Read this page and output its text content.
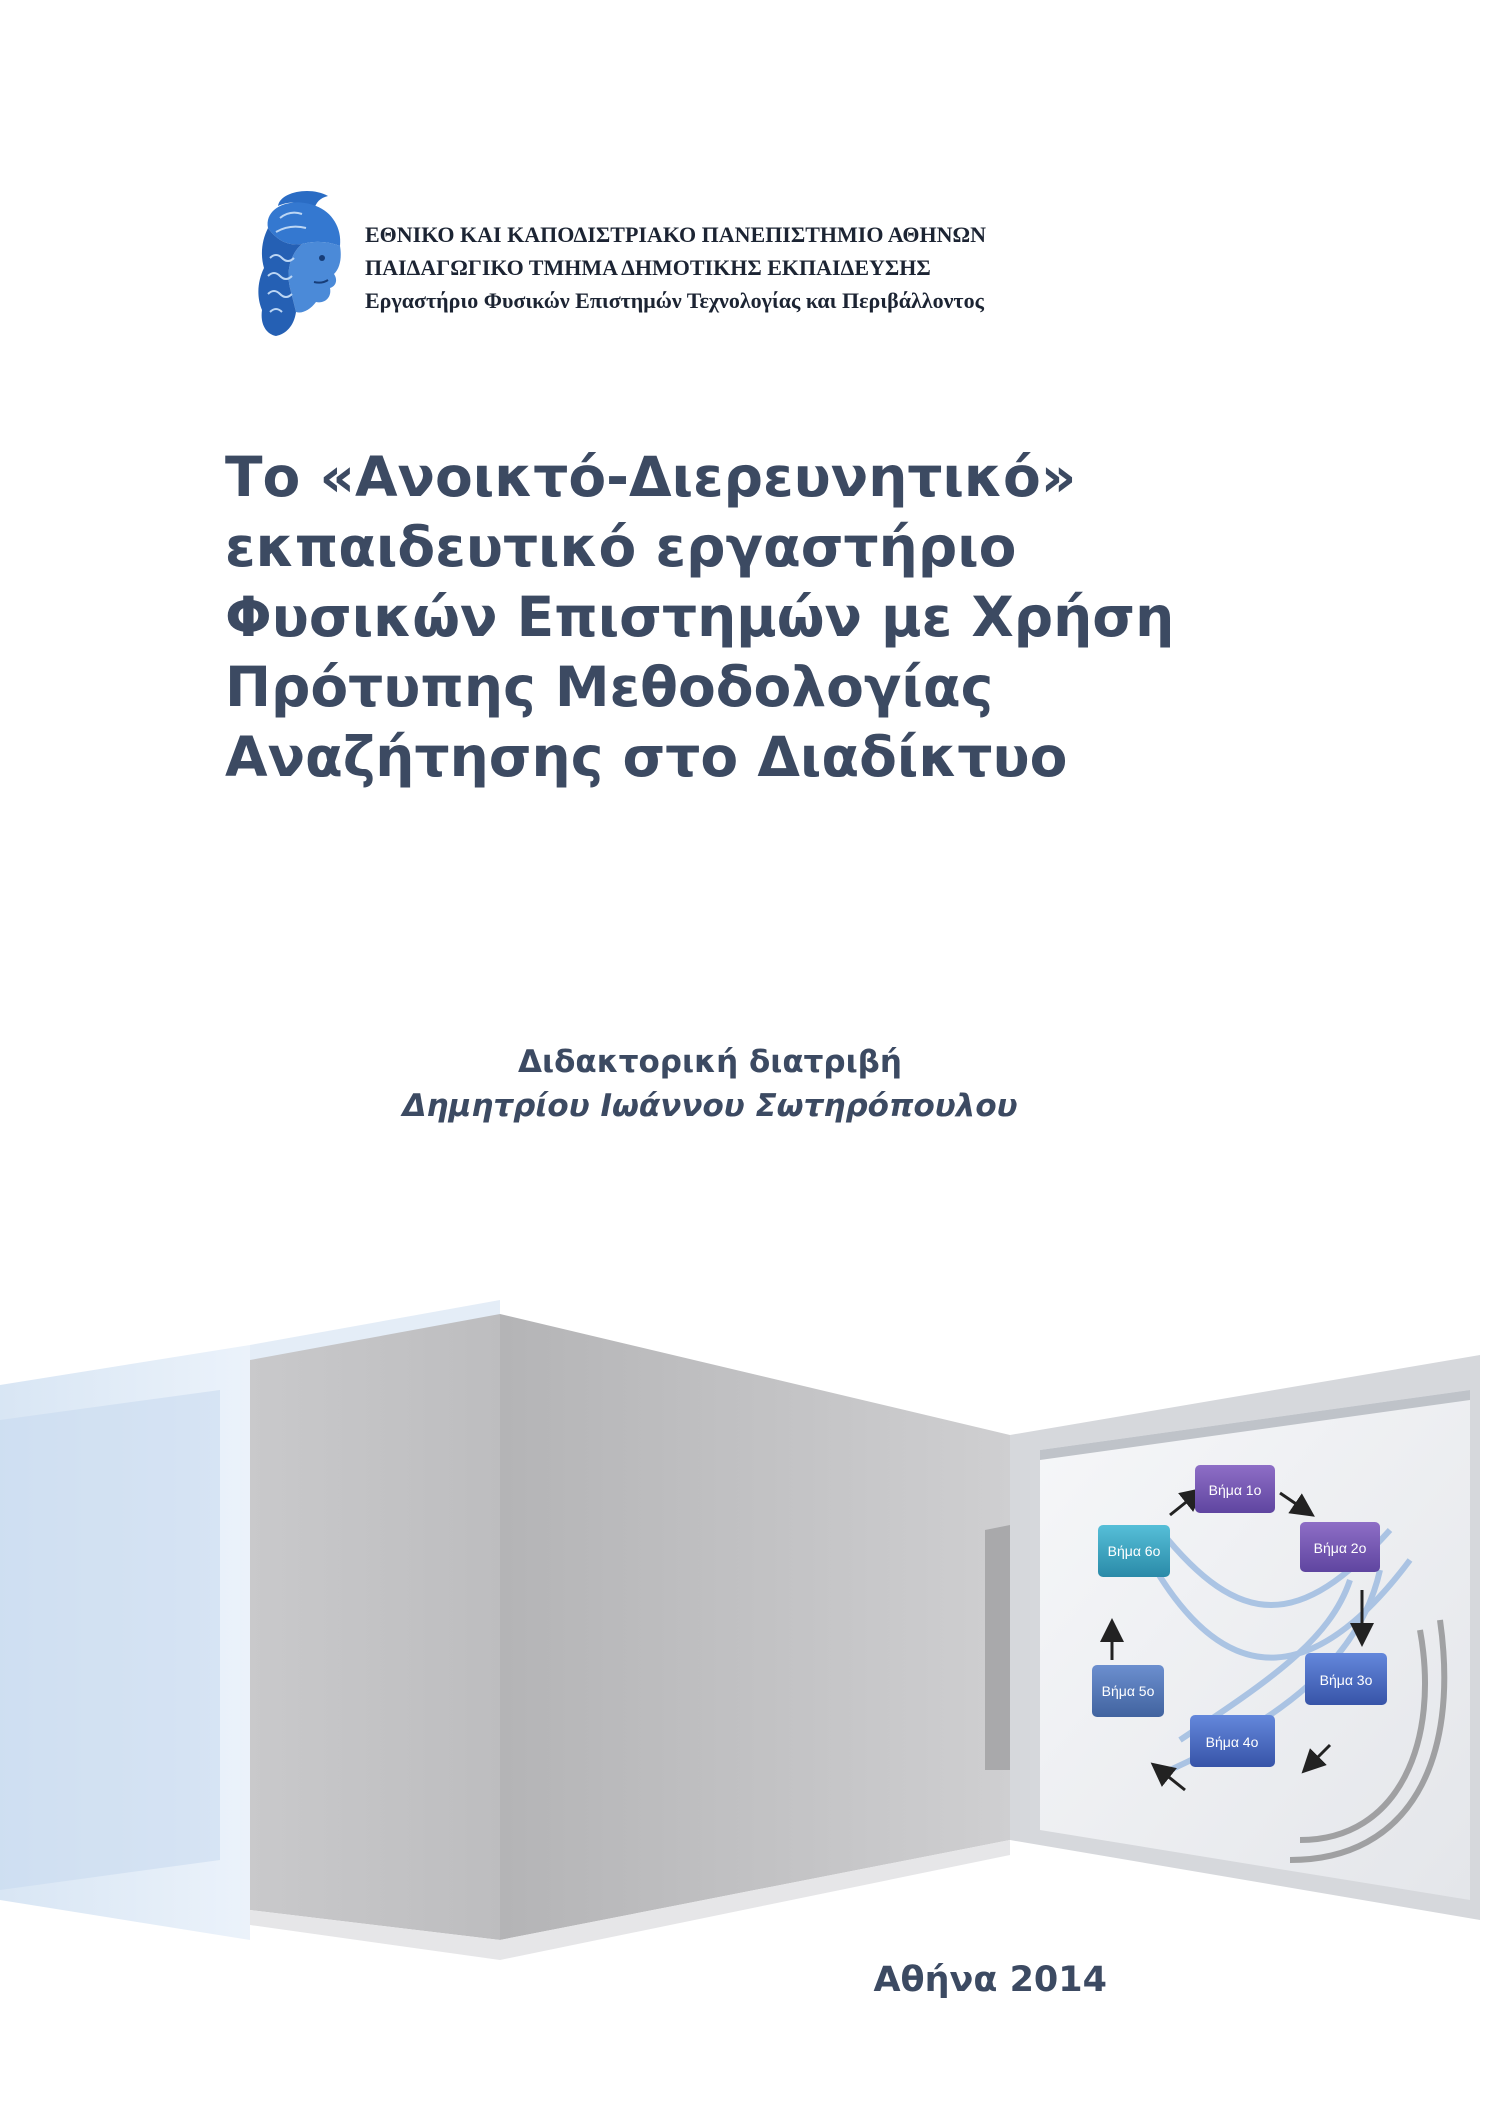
ΕΘΝΙΚΟ ΚΑΙ ΚΑΠΟΔΙΣΤΡΙΑΚΟ ΠΑΝΕΠΙΣΤΗΜΙΟ ΑΘΗΝΩΝ
ΠΑΙΔΑΓΩΓΙΚΟ ΤΜΗΜΑ ΔΗΜΟΤΙΚΗΣ ΕΚΠΑΙΔΕΥΣΗΣ
Εργαστήριο Φυσικών Επιστημών Τεχνολογίας και Περιβάλλοντος
Το «Ανοικτό-Διερευνητικό»
εκπαιδευτικό εργαστήριο
Φυσικών Επιστημών με Χρήση
Πρότυπης Μεθοδολογίας
Αναζήτησης στο Διαδίκτυο
Διδακτορική διατριβή
Δημητρίου Ιωάννου Σωτηρόπουλου
Βήμα 1ο
Βήμα 2ο
Βήμα 3ο
Βήμα 4ο
Βήμα 5ο
Βήμα 6ο
Αθήνα 2014
